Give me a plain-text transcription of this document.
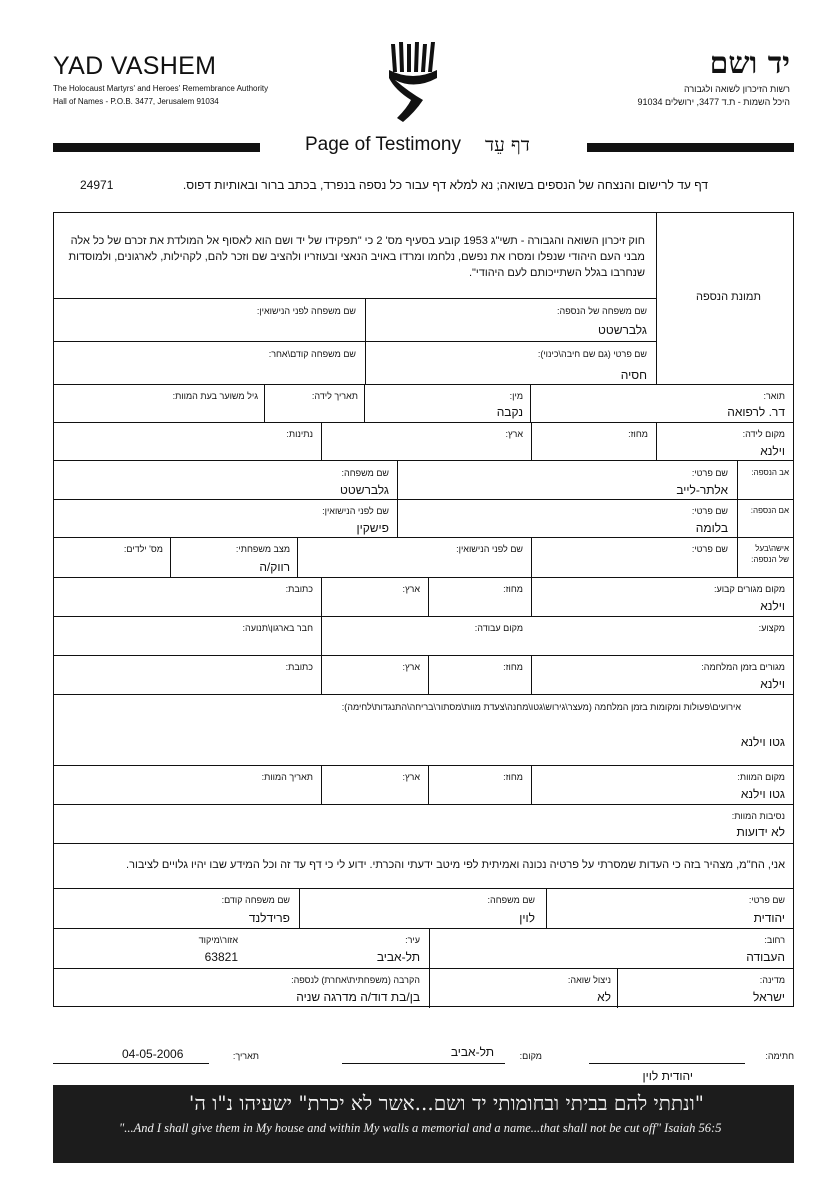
YAD VASHEM
The Holocaust Martyrs' and Heroes' Remembrance Authority
Hall of Names - P.O.B. 3477, Jerusalem 91034
יד ושם
רשות הזיכרון לשואה ולגבורה
היכל השמות - ת.ד 3477, ירושלים 91034
Page of Testimony דף עֵד
דף עד לרישום והנצחה של הנספים בשואה; נא למלא דף עבור כל נספה בנפרד, בכתב ברור ובאותיות דפוס.
24971
תמונת הנספה
חוק זיכרון השואה והגבורה - תשי"ג 1953 קובע בסעיף מס' 2 כי "תפקידו של יד ושם הוא לאסוף אל המולדת את זכרם של כל אלה מבני העם היהודי שנפלו ומסרו את נפשם, נלחמו ומרדו באויב הנאצי ובעוזריו ולהציב שם וזכר להם, לקהילות, לארגונים, ולמוסדות שנחרבו בגלל השתייכותם לעם היהודי".
שם משפחה של הנספה:
גלברשטט
שם משפחה לפני הנישואין:
שם פרטי (גם שם חיבה\כינוי):
חסיה
שם משפחה קודם\אחר:
תואר:
דר. לרפואה
מין:
נקבה
תאריך לידה:
גיל משוער בעת המוות:
מקום לידה:
וילנא
מחוז:
ארץ:
נתינות:
אב הנספה:
שם פרטי:
אלתר-לייב
שם משפחה:
גלברשטט
אם הנספה:
שם פרטי:
בלומה
שם לפני הנישואין:
פישקין
אישה\בעל
של הנספה:
שם פרטי:
שם לפני הנישואין:
מצב משפחתי:
רווק/ה
מס' ילדים:
מקום מגורים קבוע:
וילנא
מחוז:
ארץ:
כתובת:
מקצוע:
מקום עבודה:
חבר בארגון\תנועה:
מגורים בזמן המלחמה:
וילנא
מחוז:
ארץ:
כתובת:
אירועים\פעולות ומקומות בזמן המלחמה (מעצר\גירוש\גטו\מחנה\צעדת מוות\מסתור\בריחה\התנגדות\לחימה):
גטו וילנא
מקום המוות:
גטו וילנא
מחוז:
ארץ:
תאריך המוות:
נסיבות המוות:
לא ידועות
אני, הח"מ, מצהיר בזה כי העדות שמסרתי על פרטיה נכונה ואמיתית לפי מיטב ידעתי והכרתי. ידוע לי כי דף עד זה וכל המידע שבו יהיו גלויים לציבור.
שם פרטי:
יהודית
שם משפחה:
לוין
שם משפחה קודם:
פרידלנד
רחוב:
העבודה
עיר:
תל-אביב
אזור\מיקוד
63821
מדינה:
ישראל
ניצול שואה:
לא
הקרבה (משפחתית\אחרת) לנספה:
בן/בת דוד/ה מדרגה שניה
חתימה:
יהודית לוין
מקום:
תל-אביב
תאריך:
04-05-2006
"ונתתי להם בביתי ובחומותי יד ושם...אשר לא יכרת" ישעיהו נ"ו ה'
"...And I shall give them in My house and within My walls a memorial and a name...that shall not be cut off" Isaiah 56:5
